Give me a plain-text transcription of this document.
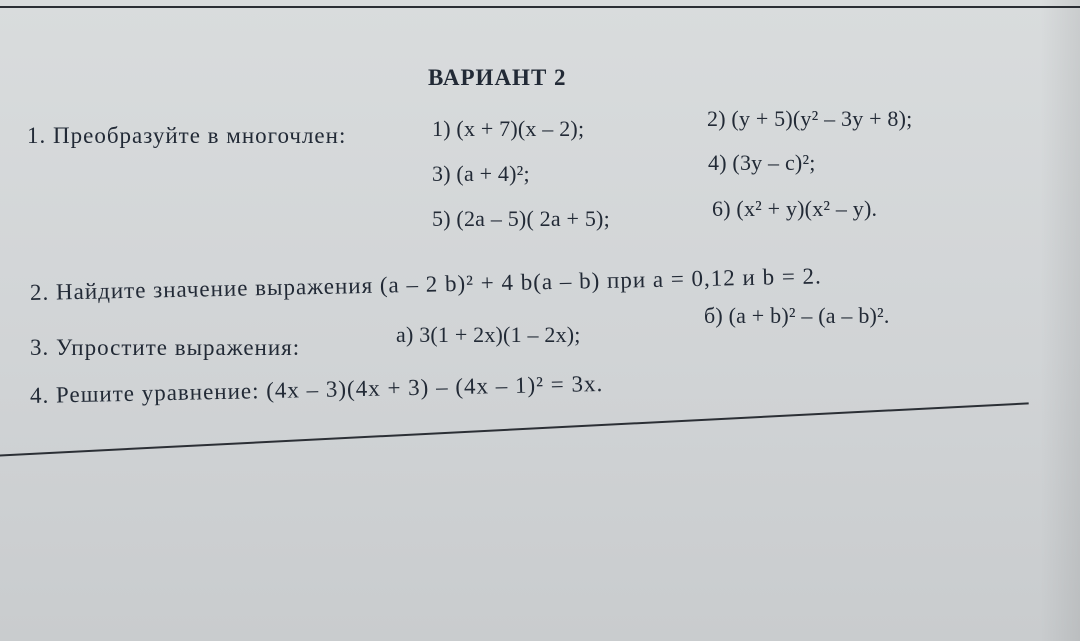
ВАРИАНТ 2
1. Преобразуйте в многочлен:	1) (x + 7)(x – 2);	2) (y + 5)(y² – 3y + 8);
3) (a + 4)²;	4) (3y – c)²;
5) (2a – 5)( 2a + 5);	6) (x² + y)(x² – y).
2. Найдите значение выражения (a – 2 b)² + 4 b(a – b) при a = 0,12 и b = 2.
3. Упростите выражения:
а) 3(1 + 2x)(1 – 2x);
б) (a + b)² – (a – b)².
4. Решите уравнение: (4x – 3)(4x + 3) – (4x – 1)² = 3x.
